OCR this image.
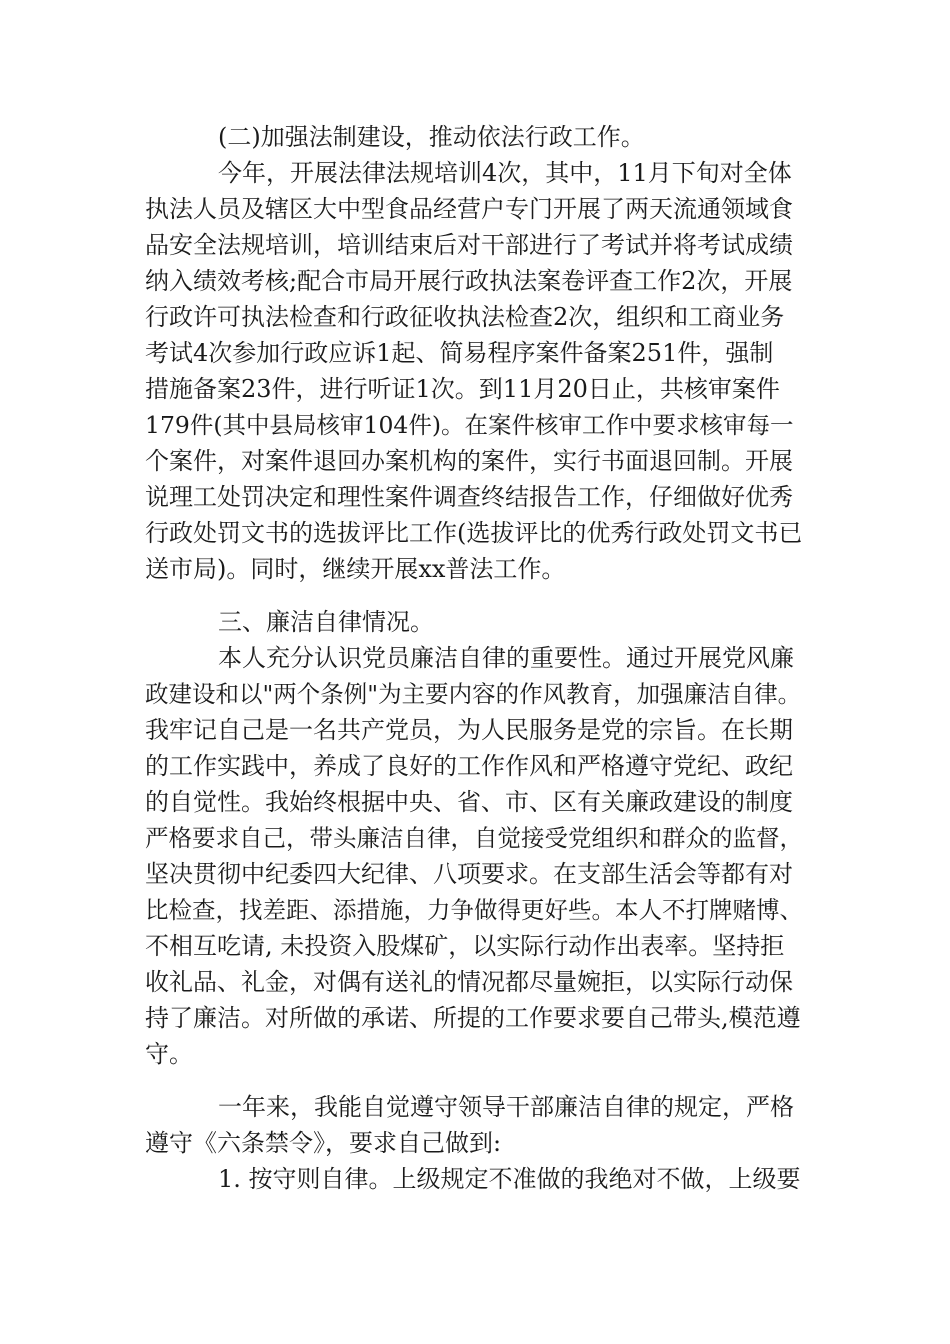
(二)加强法制建设，推动依法行政工作。
今年，开展法律法规培训4次，其中，11月下旬对全体
执法人员及辖区大中型食品经营户专门开展了两天流通领域食
品安全法规培训，培训结束后对干部进行了考试并将考试成绩
纳入绩效考核;配合市局开展行政执法案卷评查工作2次，开展
行政许可执法检查和行政征收执法检查2次，组织和工商业务
考试4次参加行政应诉1起、简易程序案件备案251件，强制
措施备案23件，进行听证1次。到11月20日止，共核审案件
179件(其中县局核审104件)。在案件核审工作中要求核审每一
个案件，对案件退回办案机构的案件，实行书面退回制。开展
说理工处罚决定和理性案件调查终结报告工作，仔细做好优秀
行政处罚文书的选拔评比工作(选拔评比的优秀行政处罚文书已
送市局)。同时，继续开展xx普法工作。
三、廉洁自律情况。
本人充分认识党员廉洁自律的重要性。通过开展党风廉
政建设和以"两个条例"为主要内容的作风教育，加强廉洁自律。
我牢记自己是一名共产党员，为人民服务是党的宗旨。在长期
的工作实践中，养成了良好的工作作风和严格遵守党纪、政纪
的自觉性。我始终根据中央、省、市、区有关廉政建设的制度
严格要求自己，带头廉洁自律，自觉接受党组织和群众的监督，
坚决贯彻中纪委四大纪律、八项要求。在支部生活会等都有对
比检查，找差距、添措施，力争做得更好些。本人不打牌赌博、
不相互吃请, 未投资入股煤矿，以实际行动作出表率。坚持拒
收礼品、礼金，对偶有送礼的情况都尽量婉拒，以实际行动保
持了廉洁。对所做的承诺、所提的工作要求要自己带头,模范遵
守。
一年来，我能自觉遵守领导干部廉洁自律的规定，严格
遵守《六条禁令》，要求自己做到:
1. 按守则自律。上级规定不准做的我绝对不做，上级要
